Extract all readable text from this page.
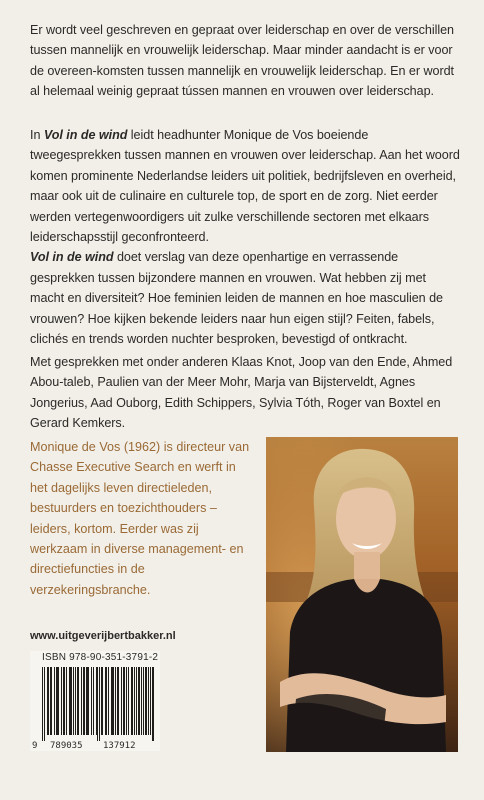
Er wordt veel geschreven en gepraat over leiderschap en over de verschillen tussen mannelijk en vrouwelijk leiderschap. Maar minder aandacht is er voor de overeen-komsten tussen mannelijk en vrouwelijk leiderschap. En er wordt al helemaal weinig gepraat tússen mannen en vrouwen over leiderschap.

In Vol in de wind leidt headhunter Monique de Vos boeiende tweegesprekken tussen mannen en vrouwen over leiderschap. Aan het woord komen prominente Nederlandse leiders uit politiek, bedrijfsleven en overheid, maar ook uit de culinaire en culturele top, de sport en de zorg. Niet eerder werden vertegenwoordigers uit zulke verschillende sectoren met elkaars leiderschapsstijl geconfronteerd.
Vol in de wind doet verslag van deze openhartige en verrassende gesprekken tussen bijzondere mannen en vrouwen. Wat hebben zij met macht en diversiteit? Hoe feminien leiden de mannen en hoe masculien de vrouwen? Hoe kijken bekende leiders naar hun eigen stijl? Feiten, fabels, clichés en trends worden nuchter besproken, bevestigd of ontkracht.

Met gesprekken met onder anderen Klaas Knot, Joop van den Ende, Ahmed Abou-taleb, Paulien van der Meer Mohr, Marja van Bijsterveldt, Agnes Jongerius, Aad Ouborg, Edith Schippers, Sylvia Tóth, Roger van Boxtel en Gerard Kemkers.

Monique de Vos (1962) is directeur van Chasse Executive Search en werft in het dagelijks leven directieleden, bestuurders en toezichthouders – leiders, kortom. Eerder was zij werkzaam in diverse management- en directiefuncties in de verzekeringsbranche.

www.uitgeverijbertbakker.nl
ISBN 978-90-351-3791-2
9 789035 137912
